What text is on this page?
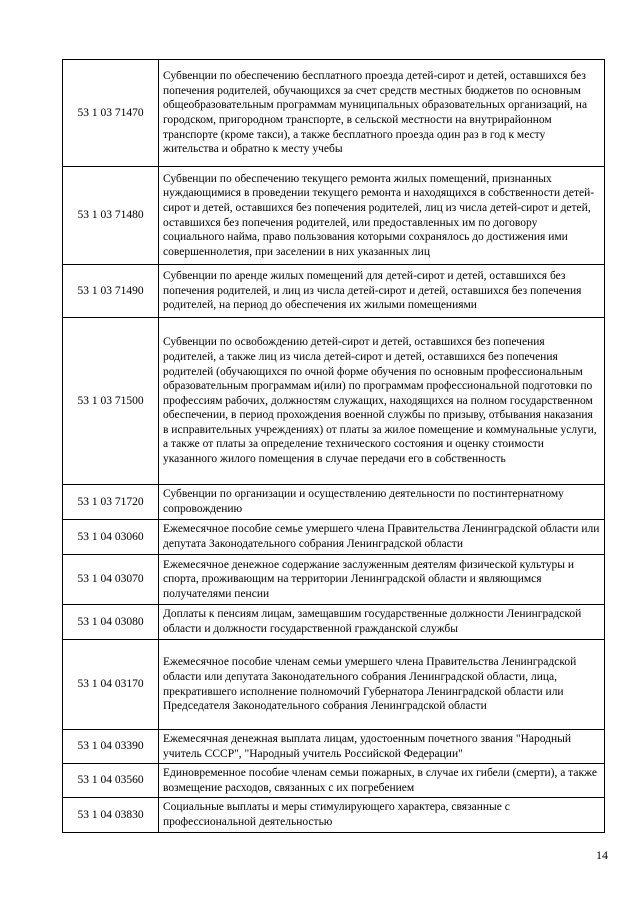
53 1 03 71470	Субвенции по обеспечению бесплатного проезда детей-сирот и детей, оставшихся без попечения родителей, обучающихся за счет средств местных бюджетов по основным общеобразовательным программам муниципальных образовательных организаций, на городском, пригородном транспорте, в сельской местности на внутрирайонном транспорте (кроме такси), а также бесплатного проезда один раз в год к месту жительства и обратно к месту учебы
53 1 03 71480	Субвенции по обеспечению текущего ремонта жилых помещений, признанных нуждающимися в проведении текущего ремонта и находящихся в собственности детей-сирот и детей, оставшихся без попечения родителей, лиц из числа детей-сирот и детей, оставшихся без попечения родителей, или предоставленных им по договору социального найма, право пользования которыми сохранялось до достижения ими совершеннолетия, при заселении в них указанных лиц
53 1 03 71490	Субвенции по аренде жилых помещений для детей-сирот и детей, оставшихся без попечения родителей, и лиц из числа детей-сирот и детей, оставшихся без попечения родителей, на период до обеспечения их жилыми помещениями
53 1 03 71500	Субвенции по освобождению детей-сирот и детей, оставшихся без попечения родителей, а также лиц из числа детей-сирот и детей, оставшихся без попечения родителей (обучающихся по очной форме обучения по основным профессиональным образовательным программам и(или) по программам профессиональной подготовки по профессиям рабочих, должностям служащих, находящихся на полном государственном обеспечении, в период прохождения военной службы по призыву, отбывания наказания в исправительных учреждениях) от платы за жилое помещение и коммунальные услуги, а также от платы за определение технического состояния и оценку стоимости указанного жилого помещения в случае передачи его в собственность
53 1 03 71720	Субвенции по организации и осуществлению деятельности по постинтернатному сопровождению
53 1 04 03060	Ежемесячное пособие семье умершего члена Правительства Ленинградской области или депутата Законодательного собрания Ленинградской области
53 1 04 03070	Ежемесячное денежное содержание заслуженным деятелям физической культуры и спорта, проживающим на территории Ленинградской области и являющимся получателями пенсии
53 1 04 03080	Доплаты к пенсиям лицам, замещавшим государственные должности Ленинградской области и должности государственной гражданской службы
53 1 04 03170	Ежемесячное пособие членам семьи умершего члена Правительства Ленинградской области или депутата Законодательного собрания Ленинградской области, лица, прекратившего исполнение полномочий Губернатора Ленинградской области или Председателя Законодательного собрания Ленинградской области
53 1 04 03390	Ежемесячная денежная выплата лицам, удостоенным почетного звания "Народный учитель СССР", "Народный учитель Российской Федерации"
53 1 04 03560	Единовременное пособие членам семьи пожарных, в случае их гибели (смерти), а также возмещение расходов, связанных с их погребением
53 1 04 03830	Социальные выплаты и меры стимулирующего характера, связанные с профессиональной деятельностью
14
